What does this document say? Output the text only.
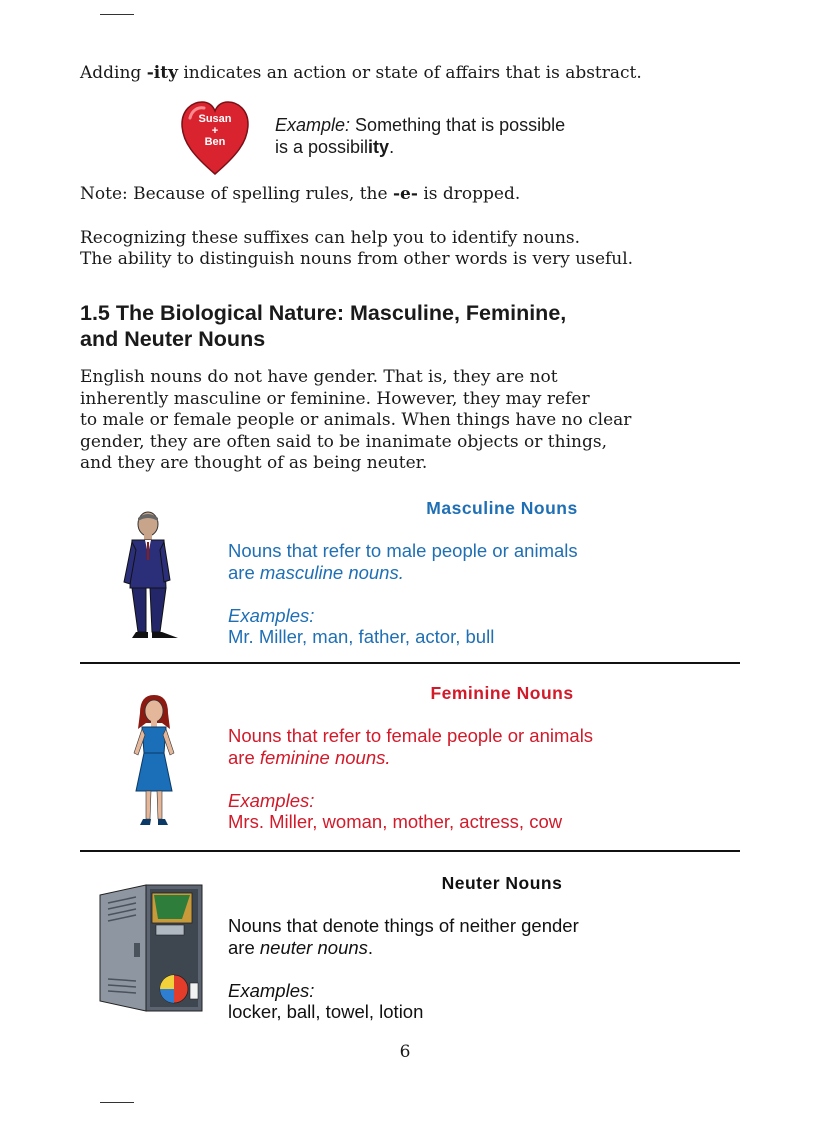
Adding -ity indicates an action or state of affairs that is abstract.
Susan
+
Ben
Example: Something that is possible
is a possibility.
Note: Because of spelling rules, the -e- is dropped.
Recognizing these suffixes can help you to identify nouns.
The ability to distinguish nouns from other words is very useful.
1.5 The Biological Nature: Masculine, Feminine,
and Neuter Nouns
English nouns do not have gender. That is, they are not
inherently masculine or feminine. However, they may refer
to male or female people or animals. When things have no clear
gender, they are often said to be inanimate objects or things,
and they are thought of as being neuter.
Masculine Nouns
Nouns that refer to male people or animals
are masculine nouns.
Examples:
Mr. Miller, man, father, actor, bull
Feminine Nouns
Nouns that refer to female people or animals
are feminine nouns.
Examples:
Mrs. Miller, woman, mother, actress, cow
Neuter Nouns
Nouns that denote things of neither gender
are neuter nouns.
Examples:
locker, ball, towel, lotion
6
